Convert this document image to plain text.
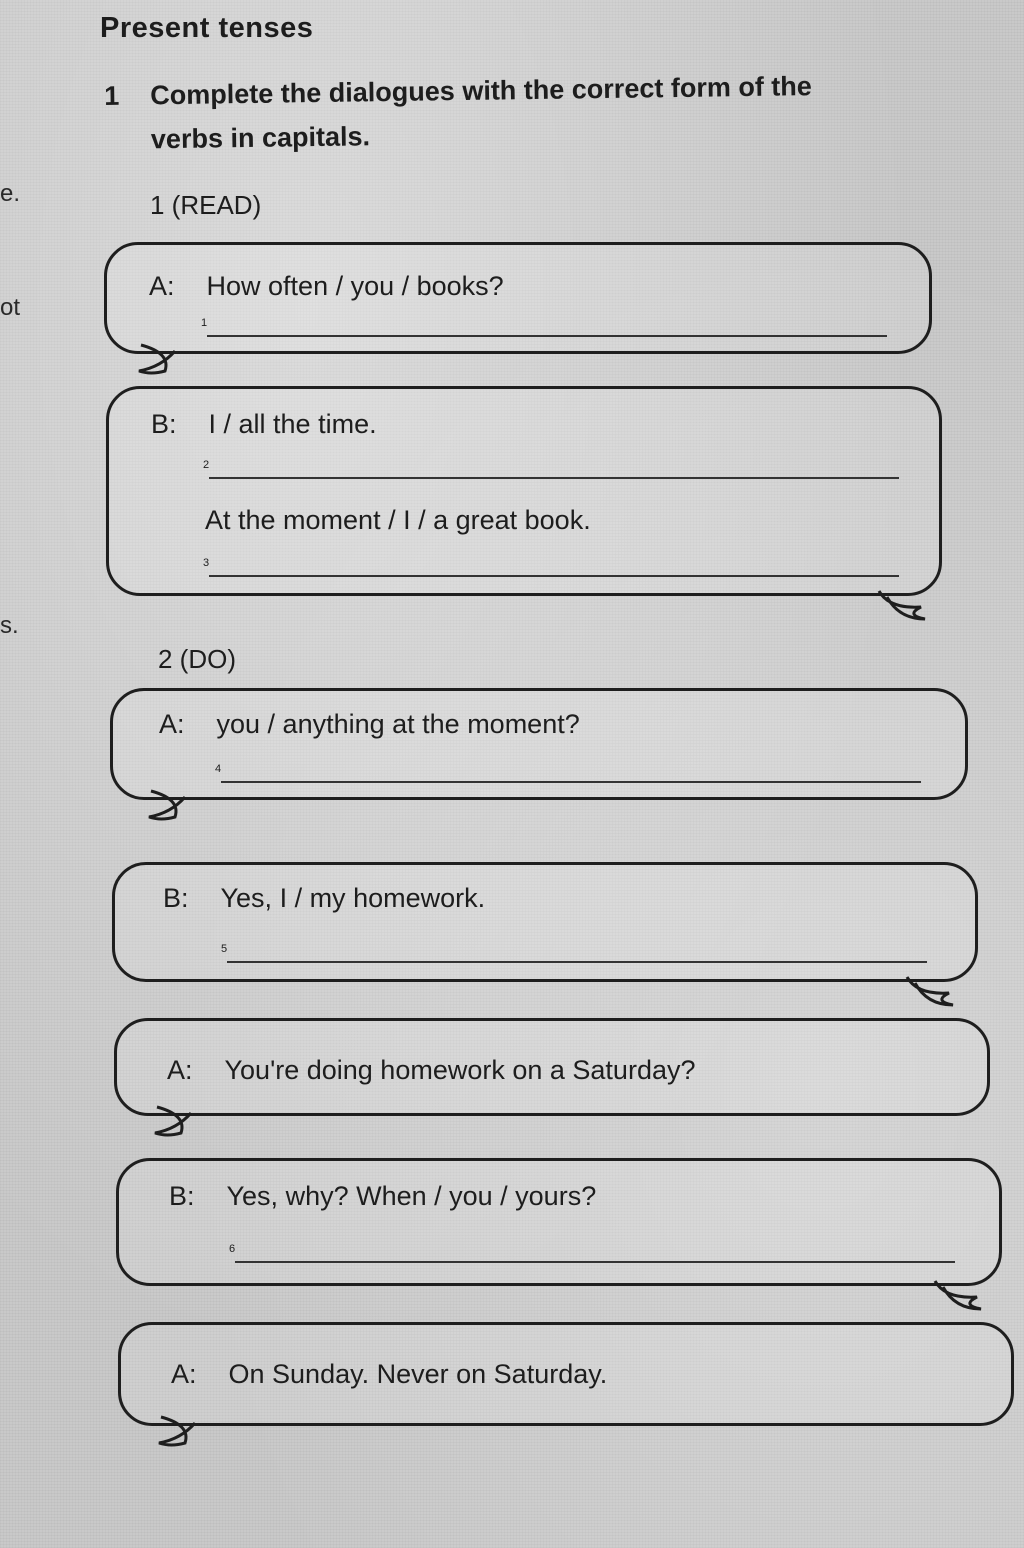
Present tenses
1 Complete the dialogues with the correct form of the
verbs in capitals.
e.
ot
s.
1 (READ)
A: How often / you / books?
1
B: I / all the time.
2
At the moment / I / a great book.
3
2 (DO)
A: you / anything at the moment?
4
B: Yes, I / my homework.
5
A: You're doing homework on a Saturday?
B: Yes, why? When / you / yours?
6
A: On Sunday. Never on Saturday.
